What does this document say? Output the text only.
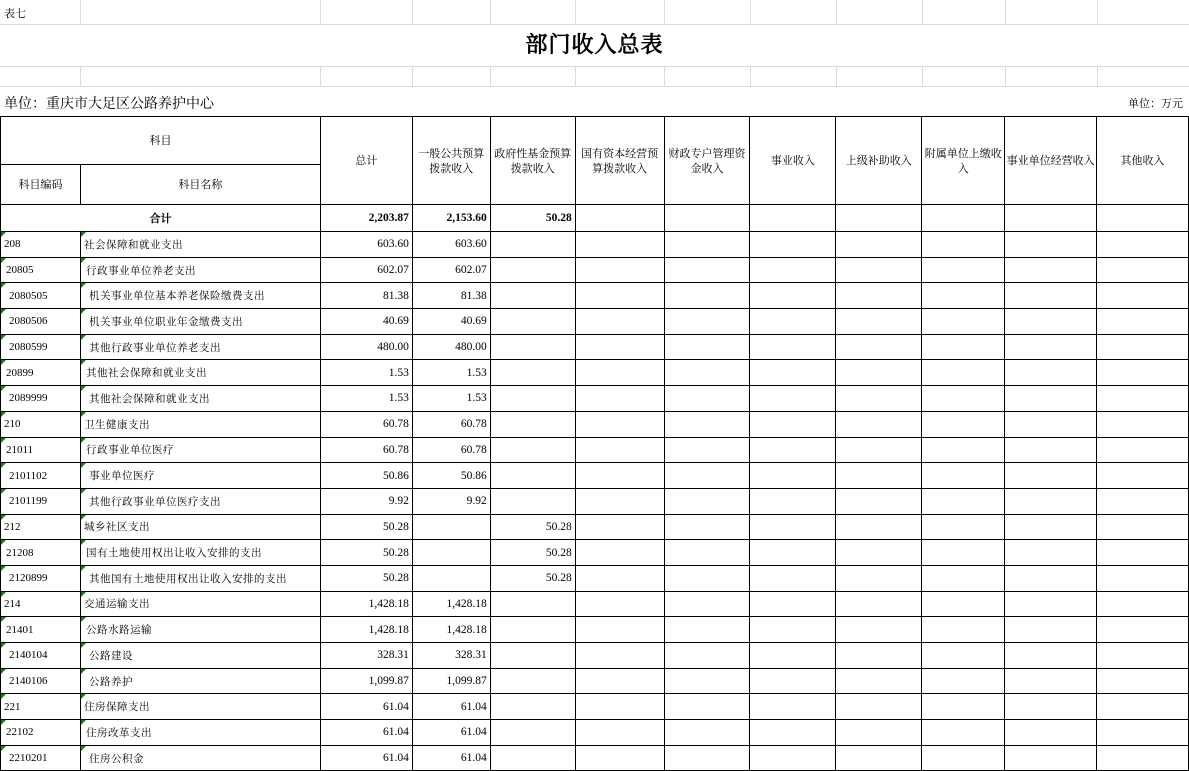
表七
部门收入总表
单位：重庆市大足区公路养护中心	单位：万元
科目		总计	一般公共预算拨款收入	政府性基金预算拨款收入	国有资本经营预算拨款收入	财政专户管理资金收入	事业收入	上级补助收入	附属单位上缴收入	事业单位经营收入	其他收入
科目编码	科目名称										
合计		2,203.87	2,153.60	50.28							

208	社会保障和就业支出	603.60	603.60								

20805	行政事业单位养老支出	602.07	602.07								

2080505	机关事业单位基本养老保险缴费支出	81.38	81.38								

2080506	机关事业单位职业年金缴费支出	40.69	40.69								

2080599	其他行政事业单位养老支出	480.00	480.00								

20899	其他社会保障和就业支出	1.53	1.53								

2089999	其他社会保障和就业支出	1.53	1.53								

210	卫生健康支出	60.78	60.78								

21011	行政事业单位医疗	60.78	60.78								

2101102	事业单位医疗	50.86	50.86								

2101199	其他行政事业单位医疗支出	9.92	9.92								

212	城乡社区支出	50.28		50.28							

21208	国有土地使用权出让收入安排的支出	50.28		50.28							

2120899	其他国有土地使用权出让收入安排的支出	50.28		50.28							

214	交通运输支出	1,428.18	1,428.18								

21401	公路水路运输	1,428.18	1,428.18								

2140104	公路建设	328.31	328.31								

2140106	公路养护	1,099.87	1,099.87								

221	住房保障支出	61.04	61.04								

22102	住房改革支出	61.04	61.04								

2210201	住房公积金	61.04	61.04								
